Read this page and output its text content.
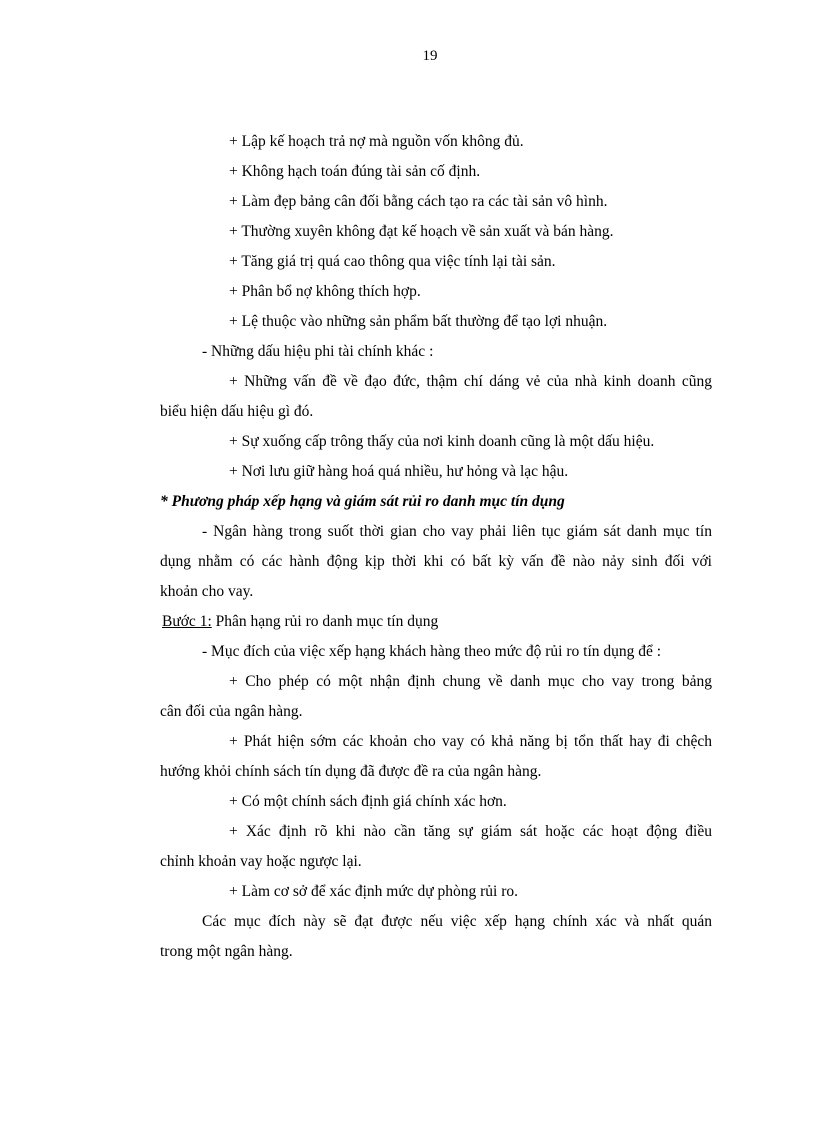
19
+ Lập kế hoạch trả nợ mà nguồn vốn không đủ.
+ Không hạch toán đúng tài sản cố định.
+ Làm đẹp bảng cân đối bằng cách tạo ra các tài sản vô hình.
+ Thường xuyên không đạt kế hoạch về sản xuất và bán hàng.
+ Tăng giá trị quá cao thông qua việc tính lại tài sản.
+ Phân bổ nợ không thích hợp.
+ Lệ thuộc vào những sản phẩm bất thường để tạo lợi nhuận.
- Những dấu hiệu phi tài chính khác :
+ Những vấn đề về đạo đức, thậm chí dáng vẻ của nhà kinh doanh cũng
biểu hiện dấu hiệu gì đó.
+ Sự xuống cấp trông thấy của nơi kinh doanh cũng là một dấu hiệu.
+ Nơi lưu giữ hàng hoá quá nhiều, hư hỏng và lạc hậu.
* Phương pháp xếp hạng và giám sát rủi ro danh mục tín dụng
- Ngân hàng trong suốt thời gian cho vay phải liên tục giám sát danh mục tín
dụng nhằm có các hành động kịp thời khi có bất kỳ vấn đề nào nảy sinh đối với
khoản cho vay.
Bước 1: Phân hạng rủi ro danh mục tín dụng
- Mục đích của việc xếp hạng khách hàng theo mức độ rủi ro tín dụng để :
+ Cho phép có một nhận định chung về danh mục cho vay trong bảng
cân đối của ngân hàng.
+ Phát hiện sớm các khoản cho vay có khả năng bị tổn thất hay đi chệch
hướng khỏi chính sách tín dụng đã được đề ra của ngân hàng.
+ Có một chính sách định giá chính xác hơn.
+ Xác định rõ khi nào cần tăng sự giám sát hoặc các hoạt động điều
chỉnh khoản vay hoặc ngược lại.
+ Làm cơ sở để xác định mức dự phòng rủi ro.
Các mục đích này sẽ đạt được nếu việc xếp hạng chính xác và nhất quán
trong một ngân hàng.
